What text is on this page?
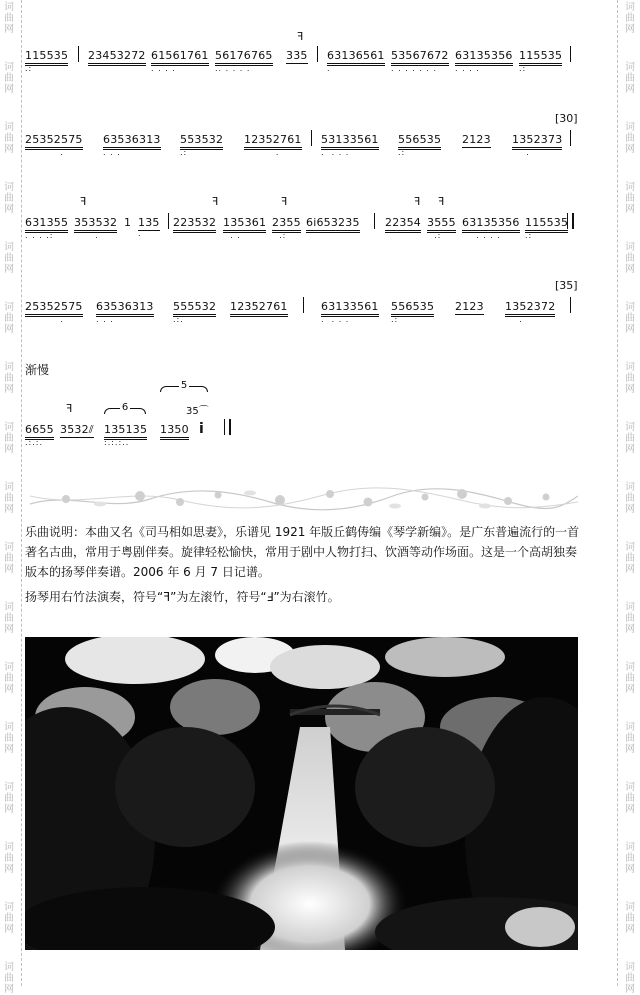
词
曲
网
词
曲
网
词
曲
网
词
曲
网
词
曲
网
词
曲
网
词
曲
网
词
曲
网
词
曲
网
词
曲
网
词
曲
网
词
曲
网
词
曲
网
词
曲
网
词
曲
网
词
曲
网
词
曲
网
词
曲
网
词
曲
网
词
曲
网
词
曲
网
词
曲
网
词
曲
网
词
曲
网
词
曲
网
词
曲
网
词
曲
网
词
曲
网
词
曲
网
词
曲
网
词
曲
网
词
曲
网
词
曲
网
词
曲
网
ꟻ
115535
.:
23453272 61561761
. . . .
56176765
.. . . . .
335 63136561
.
53567672
. . . . . . .
63135356
. . . .
115535
.:
[30]
25352575
.
63536313
. . .
553532
.:
12352761
.
53133561
.  . . .
556535
.:
2123 1352373
.
ꟻ	ꟻ	ꟻ	ꟻ ꟻ
631355
. . . .:
353532
.
1 135
.
223532 135361
. .
2355
.:
6i653235 22354 3555
.:
63135356
. . . .
115535
.:
[35]
25352575
.
63536313
. . .
555532
.:.
12352761	63133561
.  . . .
556535
.:
2123 1352372
.
渐慢
5
6
ꟻ	35⌒
6655
.:.:.
3532⫽ 135135
:.:.:..
1350 i
乐曲说明：本曲又名《司马相如思妻》，乐谱见 1921 年版丘鹤俦编《琴学新编》。是广东普遍流行的一首著名古曲，常用于粤剧伴奏。旋律轻松愉快，常用于剧中人物打扫、饮酒等动作场面。这是一个高胡独奏版本的扬琴伴奏谱。2006 年 6 月 7 日记谱。
扬琴用右竹法演奏，符号“ꟻ”为左滚竹，符号“Ⅎ”为右滚竹。
